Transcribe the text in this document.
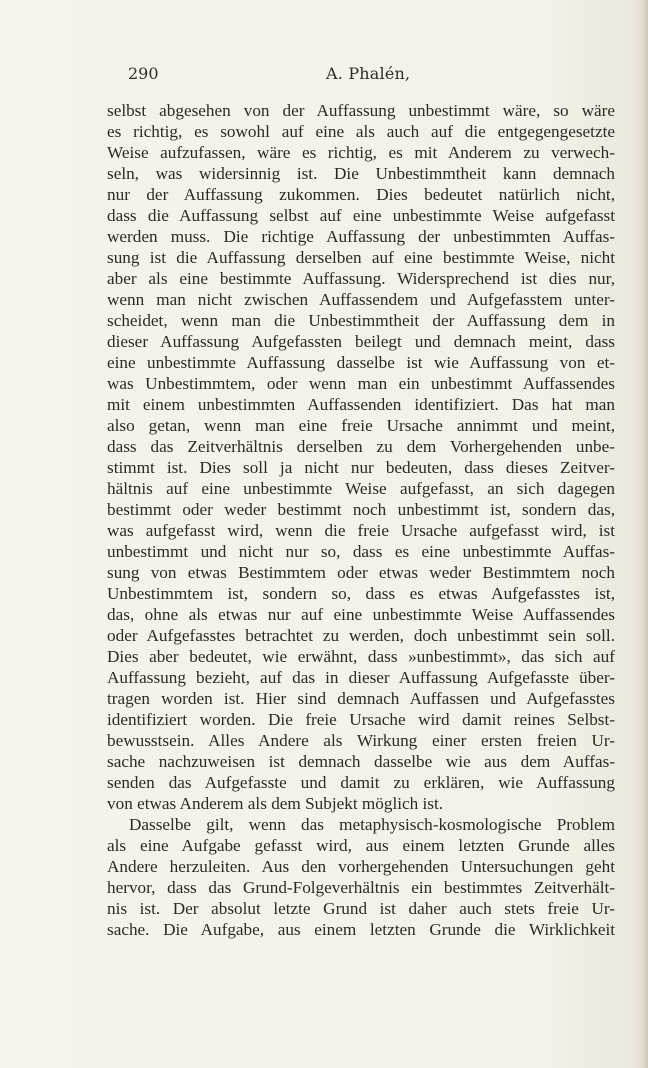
290	A. Phalén,
selbst abgesehen von der Auffassung unbestimmt wäre, so wäre
es richtig, es sowohl auf eine als auch auf die entgegengesetzte
Weise aufzufassen, wäre es richtig, es mit Anderem zu verwech-
seln, was widersinnig ist. Die Unbestimmtheit kann demnach
nur der Auffassung zukommen. Dies bedeutet natürlich nicht,
dass die Auffassung selbst auf eine unbestimmte Weise aufgefasst
werden muss. Die richtige Auffassung der unbestimmten Auffas-
sung ist die Auffassung derselben auf eine bestimmte Weise, nicht
aber als eine bestimmte Auffassung. Widersprechend ist dies nur,
wenn man nicht zwischen Auffassendem und Aufgefasstem unter-
scheidet, wenn man die Unbestimmtheit der Auffassung dem in
dieser Auffassung Aufgefassten beilegt und demnach meint, dass
eine unbestimmte Auffassung dasselbe ist wie Auffassung von et-
was Unbestimmtem, oder wenn man ein unbestimmt Auffassendes
mit einem unbestimmten Auffassenden identifiziert. Das hat man
also getan, wenn man eine freie Ursache annimmt und meint,
dass das Zeitverhältnis derselben zu dem Vorhergehenden unbe-
stimmt ist. Dies soll ja nicht nur bedeuten, dass dieses Zeitver-
hältnis auf eine unbestimmte Weise aufgefasst, an sich dagegen
bestimmt oder weder bestimmt noch unbestimmt ist, sondern das,
was aufgefasst wird, wenn die freie Ursache aufgefasst wird, ist
unbestimmt und nicht nur so, dass es eine unbestimmte Auffas-
sung von etwas Bestimmtem oder etwas weder Bestimmtem noch
Unbestimmtem ist, sondern so, dass es etwas Aufgefasstes ist,
das, ohne als etwas nur auf eine unbestimmte Weise Auffassendes
oder Aufgefasstes betrachtet zu werden, doch unbestimmt sein soll.
Dies aber bedeutet, wie erwähnt, dass »unbestimmt», das sich auf
Auffassung bezieht, auf das in dieser Auffassung Aufgefasste über-
tragen worden ist. Hier sind demnach Auffassen und Aufgefasstes
identifiziert worden. Die freie Ursache wird damit reines Selbst-
bewusstsein. Alles Andere als Wirkung einer ersten freien Ur-
sache nachzuweisen ist demnach dasselbe wie aus dem Auffas-
senden das Aufgefasste und damit zu erklären, wie Auffassung
von etwas Anderem als dem Subjekt möglich ist.
Dasselbe gilt, wenn das metaphysisch-kosmologische Problem
als eine Aufgabe gefasst wird, aus einem letzten Grunde alles
Andere herzuleiten. Aus den vorhergehenden Untersuchungen geht
hervor, dass das Grund-Folgeverhältnis ein bestimmtes Zeitverhält-
nis ist. Der absolut letzte Grund ist daher auch stets freie Ur-
sache. Die Aufgabe, aus einem letzten Grunde die Wirklichkeit
